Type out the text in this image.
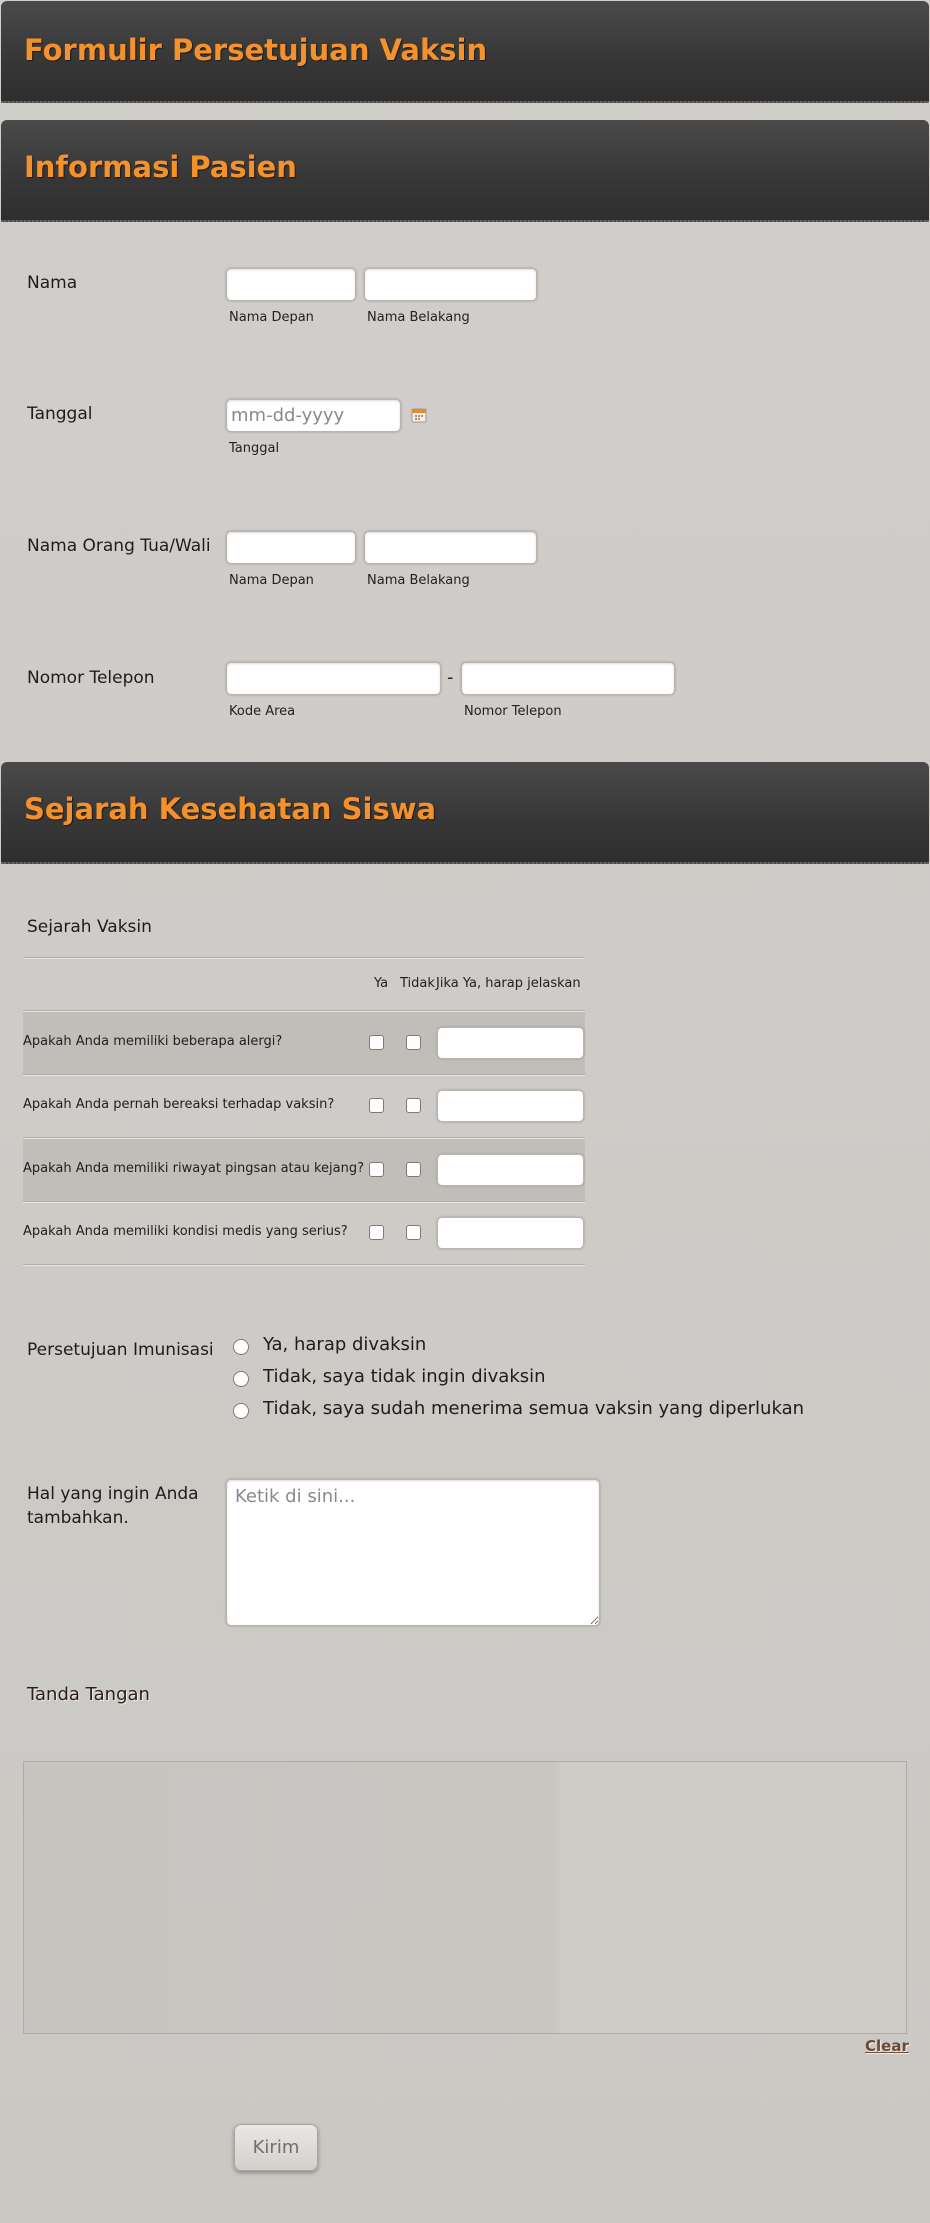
Formulir Persetujuan Vaksin
Informasi Pasien
Nama
Nama Depan	Nama Belakang
Tanggal
mm-dd-yyyy
Tanggal
Nama Orang Tua/Wali
Nama Depan	Nama Belakang
Nomor Telepon	-
Kode Area	Nomor Telepon
Sejarah Kesehatan Siswa
Sejarah Vaksin
Ya Tidak Jika Ya, harap jelaskan
Apakah Anda memiliki beberapa alergi?
Apakah Anda pernah bereaksi terhadap vaksin?
Apakah Anda memiliki riwayat pingsan atau kejang?
Apakah Anda memiliki kondisi medis yang serius?
Persetujuan Imunisasi	Ya, harap divaksin
Tidak, saya tidak ingin divaksin
Tidak, saya sudah menerima semua vaksin yang diperlukan
Hal yang ingin Anda
tambahkan.
Ketik di sini...
Tanda Tangan
Clear
Kirim
